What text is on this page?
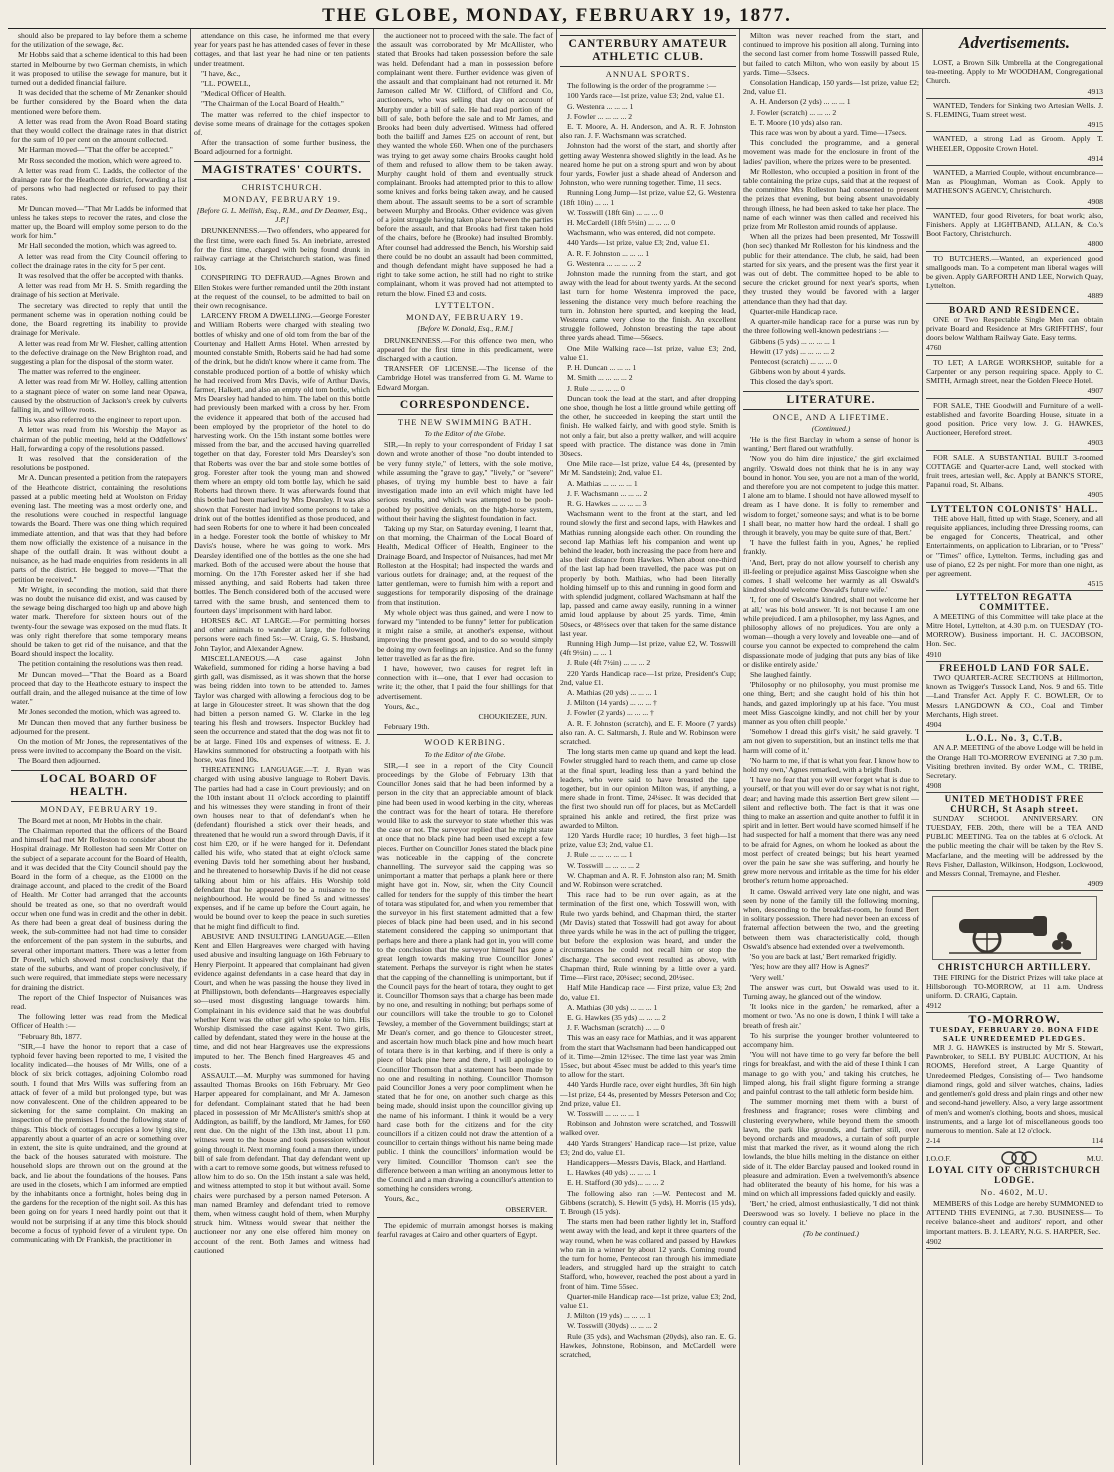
THE GLOBE, MONDAY, FEBRUARY 19, 1877.

should also be prepared to lay before them a scheme for the utilization of the sewage, &c.

Mr Hobbs said that a scheme identical to this had been started in Melbourne by two German chemists, in which it was proposed to utilise the sewage for manure, but it turned out a dedided financial failure.

It was decided that the scheme of Mr Zenanker should be further considered by the Board when the data mentioned were before them.

A letter was read from the Avon Road Board stating that they would collect the drainage rates in that district for the sum of 10 per cent on the amount collected.

Mr Harman moved—"That the offer be accepted."

Mr Ross seconded the motion, which were agreed to.

A letter was read from C. Ladds, the collector of the drainage rate for the Heathcote district, forwarding a list of persons who had neglected or refused to pay their rates.

Mr Duncan moved—"That Mr Ladds be informed that unless he takes steps to recover the rates, and close the matter up, the Board will employ some person to do the work for him."

Mr Hall seconded the motion, which was agreed to.

A letter was read from the City Council offering to collect the drainage rates in the city for 5 per cent.

It was resolved that the offer be accepted with thanks.

A letter was read from Mr H. S. Smith regarding the drainage of his section at Merivale.

The secretary was directed to reply that until the permanent scheme was in operation nothing could be done, the Board regretting its inability to provide drainage for Merivale.

A letter was read from Mr W. Flesher, calling attention to the defective drainage on the New Brighton road, and suggesting a plan for the disposal of the storm water.

The matter was referred to the engineer.

A letter was read from Mr W. Holley, calling attention to a stagnant piece of water on some land near Opawa, caused by the obstruction of Jackson's creek by culverts falling in, and willow roots.

This was also referred to the engineer to report upon.

A letter was read from his Worship the Mayor as chairman of the public meeting, held at the Oddfellows' Hall, forwarding a copy of the resolutions passed.

It was resolved that the consideration of the resolutions be postponed.

Mr A. Duncan presented a petition from the ratepayers of the Heathcote district, containing the resolutions passed at a public meeting held at Woolston on Friday evening last. The meeting was a most orderly one, and the resolutions were couched in respectful language towards the Board. There was one thing which required immediate attention, and that was that they had before them now officially the existence of a nuisance in the shape of the outfall drain. It was without doubt a nuisance, as he had made enquiries from residents in all parts of the district. He begged to move—"That the petition be received."

Mr Wright, in seconding the motion, said that there was no doubt the nuisance did exist, and was caused by the sewage being discharged too high up and above high water mark. Therefore for sixteen hours out of the twenty-four the sewage was exposed on the mud flats. It was only right therefore that some temporary means should be taken to get rid of the nuisance, and that the Board should inspect the locality.

The petition containing the resolutions was then read.

Mr Duncan moved—"That the Board as a Board proceed that day to the Heathcote estuary to inspect the outfall drain, and the alleged nuisance at the time of low water."

Mr Jones seconded the motion, which was agreed to.

Mr Duncan then moved that any further business be adjourned for the present.

On the motion of Mr Jones, the representatives of the press were invited to accompany the Board on the visit.

The Board then adjourned.

LOCAL BOARD OF HEALTH.
MONDAY, FEBRUARY 19.

The Board met at noon, Mr Hobbs in the chair.

The Chairman reported that the officers of the Board and himself had met Mr Rolleston to consider about the Hospital drainage. Mr Rolleston had seen Mr Cotter on the subject of a separate account for the Board of Health, and it was decided that the City Council should pay the Board in the form of a cheque, as the £1000 on the drainage account, and placed to the credit of the Board of Health. Mr Cotter had arranged that the accounts should be treated as one, so that no overdraft would occur when one fund was in credit and the other in debit. As there had been a great deal of business during the week, the sub-committee had not had time to consider the enforcement of the pan system in the suburbs, and several other important matters. There was a letter from Dr Powell, which showed most conclusively that the state of the suburbs, and want of proper conclusively, if such were required, that immediate steps were necessary for draining the district.

The report of the Chief Inspector of Nuisances was read.

The following letter was read from the Medical Officer of Health :—

"February 8th, 1877.

"SIR,—I have the honor to report that a case of typhoid fever having been reported to me, I visited the locality indicated—the houses of Mr Wills, one of a block of six brick cottages, adjoining Colombo road south. I found that Mrs Wills was suffering from an attack of fever of a mild but prolonged type, but was now convalescent. One of the children appeared to be sickening for the same complaint. On making an inspection of the premises I found the following state of things. This block of cottages occupies a low lying site, apparently about a quarter of an acre or something over in extent, the site is quite undrained, and the ground at the back of the houses saturated with moisture. The household slops are thrown out on the ground at the back, and lie about the foundations of the houses. Pans are used in the closets, which I am informed are emptied by the inhabitants once a fortnight, holes being dug in the gardens for the reception of the night soil. As this has been going on for years I need hardly point out that it would not be surprising if at any time this block should become a focus of typhoid fever of a virulent type. On communicating with Dr Frankish, the practitioner in

attendance on this case, he informed me that every year for years past he has attended cases of fever in these cottages, and that last year he had nine or ten patients under treatment.

"I have, &c.,

"LL. POWELL,

"Medical Officer of Health.

"The Chairman of the Local Board of Health."

The matter was referred to the chief inspector to devise some means of drainage for the cottages spoken of.

After the transaction of some further business, the Board adjourned for a fortnight.

MAGISTRATES' COURTS.
CHRISTCHURCH.
MONDAY, FEBRUARY 19.
[Before G. L. Mellish, Esq., R.M., and Dr Deamer, Esq., J.P.]

DRUNKENNESS.—Two offenders, who appeared for the first time, were each fined 5s. An inebriate, arrested for the first time, charged with being found drunk in railway carriage at the Christchurch station, was fined 10s.

CONSPIRING TO DEFRAUD.—Agnes Brown and Ellen Stokes were further remanded until the 20th instant at the request of the counsel, to be admitted to bail on their own recognisance.

LARCENY FROM A DWELLING.—George Forester and William Roberts were charged with stealing two bottles of whisky and one of old tom from the bar of the Courtenay and Hallett Arms Hotel. When arrested by mounted constable Smith, Roberts said he had had some of the drink, but he didn't know where it came from. The constable produced portion of a bottle of whisky which he had received from Mrs Davis, wife of Arthur Davis, farmer, Halkett, and also an empty old tom bottle, which Mrs Dearsley had handed to him. The label on this bottle had previously been marked with a cross by her. From the evidence it appeared that both of the accused had been employed by the proprietor of the hotel to do harvesting work. On the 15th instant some bottles were missed from the bar, and the accused having quarrelled together on that day, Forester told Mrs Dearsley's son that Roberts was over the bar and stole some bottles of grog. Forester after took the young man and showed them where an empty old tom bottle lay, which he said Roberts had thrown there. It was afterwards found that this bottle had been marked by Mrs Dearsley. It was also shown that Forester had invited some persons to take a drink out of the bottles identified as those produced, and had seen Roberts for one to where it had been concealed in a hedge. Forester took the bottle of whiskey to Mr Davis's house, where he was going to work. Mrs Dearsley identified one of the bottles as the one she had marked. Both of the accused were about the house that morning. On the 17th Forester asked her if she had missed anything, and said Roberts had taken three bottles. The Bench considered both of the accused were tarred with the same brush, and sentenced them to fourteen days' imprisonment with hard labor.

HORSES &C. AT LARGE.—For permitting horses and other animals to wander at large, the following persons were each fined 5s:—W. Craig, G. S. Husband, John Taylor, and Alexander Agnew.

MISCELLANEOUS.—A case against John Wakefield, summoned for riding a horse having a bad girth gall, was dismissed, as it was shown that the horse was being ridden into town to be attended to. James Taylor was charged with allowing a ferocious dog to be at large in Gloucester street. It was shown that the dog had bitten a person named G. W. Clarke in the leg tearing his flesh and trowsers. Inspector Buckley had seen the occurrence and stated that the dog was not fit to be at large. Fined 10s and expenses of witness. E. J. Hawkins summoned for obstructing a footpath with his horse, was fined 10s.

THREATENING LANGUAGE.—T. J. Ryan was charged with using abusive language to Robert Davis. The parties had had a case in Court previously; and on the 10th instant about 11 o'clock according to plaintiff and his witnesses they were standing in front of their own houses near to that of defendant's when he (defendant) flourished a stick over their heads, and threatened that he would run a sword through Davis, if it cost him £20, or if he were hanged for it. Defendant called his wife, who stated that at eight o'clock same evening Davis told her something about her husband, and he threatened to horsewhip Davis if he did not cease talking about him or his affairs. His Worship told defendant that he appeared to be a nuisance to the neighbourhood. He would be fined 5s and witnesses' expenses, and if he came up before the Court again, he would be bound over to keep the peace in such sureties that he might find difficult to find.

ABUSIVE AND INSULTING LANGUAGE.—Ellen Kent and Ellen Hargreaves were charged with having used abusive and insulting language on 16th February to Henry Pierpoint. It appeared that complainant had given evidence against defendants in a case heard that day in Court, and when he was passing the house they lived in at Phillipstown, both defendants—Hargreaves especially so—used most disgusting language towards him. Complainant in his evidence said that he was doubtful whether Kent was the other girl who spoke to him. His Worship dismissed the case against Kent. Two girls, called by defendant, stated they were in the house at the time, and did not hear Hargreaves use the expressions imputed to her. The Bench fined Hargreaves 45 and costs.

ASSAULT.—M. Murphy was summoned for having assaulted Thomas Brooks on 16th February. Mr Geo Harper appeared for complainant, and Mr A. Jameson for defendant. Complainant stated that he had been placed in possession of Mr McAllister's smith's shop at Addington, as bailiff, by the landlord, Mr James, for £60 rent due. On the night of the 13th inst, about 11 p.m. witness went to the house and took possession without going through it. Next morning found a man there, under bill of sale from defendant. That day defendant went up with a cart to remove some goods, but witness refused to allow him to do so. On the 15th instant a sale was held, and witness attempted to stop it but without avail. Some chairs were purchased by a person named Peterson. A man named Bramley and defendant tried to remove them, when witness caught hold of them, when Murphy struck him. Witness would swear that neither the auctioneer nor any one else offered him money on account of the rent. Both James and witness had cautioned

the auctioneer not to proceed with the sale. The fact of the assault was corroborated by Mr McAllister, who stated that Brooks had taken possession before the sale was held. Defendant had a man in possession before complainant went there. Further evidence was given of the assault and that complainant had not returned it. Mr Jameson called Mr W. Clifford, of Clifford and Co, auctioneers, who was selling that day on account of Murphy under a bill of sale. He had read portion of the bill of sale, both before the sale and to Mr James, and Brooks had been duly advertised. Witness had offered both the bailiff and James £25 on account of rent, but they wanted the whole £60. When one of the purchasers was trying to get away some chairs Brooks caught hold of them and refused to allow them to be taken away. Murphy caught hold of them and eventually struck complainant. Brooks had attempted prior to this to allow some knives and forks being taken away, and he caused them about. The assault seems to be a sort of scramble between Murphy and Brooks. Other evidence was given of a joint struggle having taken place between the parties before the assault, and that Brooks had first taken hold of the chairs, before he (Brooke) had insulted Brombly. After counsel had addressed the Bench, his Worship said there could be no doubt an assault had been committed, and though defendant might have supposed he had a right to take some action, he still had no right to strike complainant, whom it was proved had not attempted to return the blow. Fined £3 and costs.

LYTTELTON.
MONDAY, FEBRUARY 19.
[Before W. Donald, Esq., R.M.]

DRUNKENNESS.—For this offence two men, who appeared for the first time in this predicament, were discharged with a caution.

TRANSFER OF LICENSE.—The license of the Cambridge Hotel was transferred from G. M. Warne to Edward Morgan.

CORRESPONDENCE.
THE NEW SWIMMING BATH.
To the Editor of the Globe.

SIR,—In reply to your correspondent of Friday I sat down and wrote another of those "no doubt intended to be very funny style," of letters, with the sole motive, while assuming the "grave to gay," "lively," or "severe" phases, of trying my humble best to have a fair investigation made into an evil which might have led serious results, and which was attempted to be pooh-poohed by positive denials, on the high-horse system, without their having the slightest foundation in fact.

Taking up my Star, on Saturday evening, I learnt that, on that morning, the Chairman of the Local Board of Health, Medical Officer of Health, Engineer to the Drainage Board, and Inspector of Nuisances, had met Mr Rolleston at the Hospital; had inspected the wards and various outlets for drainage; and, at the request of the latter gentleman, were to furnish him with a report and suggestions for temporarily disposing of the drainage from that institution.

My whole object was thus gained, and were I now to forward my "intended to be funny" letter for publication it might raise a smile, at another's expense, without improving the present good, and to do so would simply be doing my own feelings an injustice. And so the funny letter travelled as far as the fire.

I have, however, two causes for regret left in connection with it—one, that I ever had occasion to write it; the other, that I paid the four shillings for that advertisement.

Yours, &c.,

CHOUKIEZEE, JUN.

February 19th.

WOOD KERBING.
To the Editor of the Globe.

SIR,—I see in a report of the City Council proceedings by the Globe of February 13th that Councillor Jones said that he had been informed by a person in the city that an appreciable amount of black pine had been used in wood kerbing in the city, whereas the contract was for the heart of totara. He therefore would like to ask the surveyor to state whether this was the case or not. The surveyor replied that he might state at once that no black pine had been used except a few pieces. Further on Councillor Jones stated the black pine was noticeable in the capping of the concrete channelling. The surveyor said the capping was so unimportant a matter that perhaps a plank here or there might have got in. Now, sir, when the City Council called for tenders for the supply of this timber the heart of totara was stipulated for, and when you remember that the surveyor in his first statement admitted that a few pieces of black pine had been used, and in his second statement considered the capping so unimportant that perhaps here and there a plank had got in, you will come to the conclusion that the surveyor himself has gone a great length towards making true Councillor Jones' statement. Perhaps the surveyor is right when he states that the capping of the channelling is unimportant, but if the Council pays for the heart of totara, they ought to get it. Councillor Thomson says that a charge has been made by no one, and resulting in nothing; but perhaps some of our councillors will take the trouble to go to Colonel Tewsley, a member of the Government buildings; start at Mr Dean's corner, and go thence to Gloucester street, and ascertain how much black pine and how much heart of totara there is in that kerbing, and if there is only a piece of black pine here and there, I will apologise to Councillor Thomson that a statement has been made by no one and resulting in nothing. Councillor Thomson paid Councillor Jones a very poor compliment when he stated that he for one, on another such charge as this being made, should insist upon the councillor giving up the name of his informant. I think it would be a very hard case both for the citizens and for the city councillors if a citizen could not draw the attention of a councillor to certain things without his name being made public. I think the councillors' information would be very limited. Councillor Thomson can't see the difference between a man writing an anonymous letter to the Council and a man drawing a councillor's attention to something he considers wrong.

Yours, &c.,

OBSERVER.

The epidemic of murrain amongst horses is making fearful ravages at Cairo and other quarters of Egypt.

CANTERBURY AMATEUR ATHLETIC CLUB.
ANNUAL SPORTS.

The following is the order of the programme :—

100 Yards race—1st prize, value £3; 2nd, value £1.

G. Westenra ... ... ... 1

J. Fowler ... ... ... ... 2

E. T. Moore, A. H. Anderson, and A. R. F. Johnston also ran. J. F. Wachsmann was scratched.

Johnston had the worst of the start, and shortly after getting away Westenra showed slightly in the lead. As he neared home he put on a strong spurt and won by about four yards, Fowler just a shade ahead of Anderson and Johnston, who were running together. Time, 11 secs.

Running Long Jump—1st prize, value £2, G. Westenra (18ft 10in) ... ... 1

W. Tosswill (18ft 6in) ... ... ... 0

H. McCardell (18ft 5½in) ... ... ... 0

Wachsmann, who was entered, did not compete.

440 Yards—1st prize, value £3; 2nd, value £1.

A. R. F. Johnston ... ... ... 1

G. Westenra ... ... ... ... 2

Johnston made the running from the start, and got away with the lead for about twenty yards. At the second last turn for home Westenra improved the pace, lessening the distance very much before reaching the turn in. Johnston here spurted, and keeping the lead, Westenra came very close to the finish. An excellent struggle followed, Johnston breasting the tape about three yards ahead. Time—56secs.

One Mile Walking race—1st prize, value £3; 2nd, value £1.

P. H. Duncan ... ... ... 1

M. Smith ... ... ... ... 2

J. Rule ... ... ... ... 0

Duncan took the lead at the start, and after dropping one shoe, though he lost a little ground while getting off the other, he succeeded in keeping the start until the finish. He walked fairly, and with good style. Smith is not only a fair, but also a pretty walker, and will acquire speed with practice. The distance was done in 7min 30secs.

One Mile race—1st prize, value £4 4s, (presented by Mr M. Sandstein); 2nd, value £1.

A. Mathias ... ... ... ... 1

J. F. Wachsmann ... ... ... 2

R. G. Hawkes ... ... ... ... 3

Wachsmann went to the front at the start, and led round slowly the first and second laps, with Hawkes and Mathias running alongside each other. On rounding the second lap Mathias left his companion and went up behind the leader, both increasing the pace from here and also their distance from Hawkes. When about one-third of the last lap had been travelled, the pace was put on properly by both. Mathias, who had been literally holding himself up to this and running in good form and with splendid judgment, collared Wachsmann at half the lap, passed and came away easily, running in a winner amid loud applause by about 25 yards. Time, 4min 50secs, or 48½secs over that taken for the same distance last year.

Running High Jump—1st prize, value £2, W. Tosswill (4ft 9½in) ... ... 1

J. Rule (4ft 7½in) ... ... ... 2

220 Yards Handicap race—1st prize, President's Cup; 2nd, value £1.

A. Mathias (20 yds) ... ... ... 1

J. Milton (14 yards) ... ... ... †

J. Fowler (2 yards) ... ... ... †

A. R. F. Johnston (scratch), and E. F. Moore (7 yards) also ran. A. C. Saltmarsh, J. Rule and W. Robinson were scratched.

The long starts men came up quand and kept the lead. Fowler struggled hard to reach them, and came up close at the final spurt, leading less than a yard behind the leaders, who were said to have breasted the tape together, but in our opinion Milton was, if anything, a mere shade in front. Time, 24¼sec. It was decided that the first two should run off for places, but as McCardell sprained his ankle and retired, the first prize was awarded to Milton.

120 Yards Hurdle race; 10 hurdles, 3 feet high—1st prize, value £3; 2nd, value £1.

J. Rule ... ... ... ... ... 1

W. Tosswill ... ... ... ... 2

W. Chapman and A. R. F. Johnston also ran; M. Smith and W. Robinson were scratched.

This race had to be run over again, as at the termination of the first one, which Tosswill won, with Rule two yards behind, and Chapman third, the starter (Mr Davis) stated that Tosswill had got away for about three yards while he was in the act of pulling the trigger, but before the explosion was heard, and under the circumstances he could not recall him or stop the discharge. The second event resulted as above, with Chapman third, Rule winning by a little over a yard. Time—First race, 20¼sec; second, 20½sec.

Half Mile Handicap race — First prize, value £3; 2nd do, value £1.

A. Mathias (30 yds) ... ... ... 1

E. G. Hawkes (35 yds) ... ... ... 2

J. F. Wachsman (scratch) ... ... 0

This was an easy race for Mathias, and it was apparent from the start that Wachsmann had been handicapped out of it. Time—2min 12½sec. The time last year was 2min 15sec, but about 45sec must be added to this year's time to allow for the start.

440 Yards Hurdle race, over eight hurdles, 3ft 6in high—1st prize, £4 4s, presented by Messrs Peterson and Co; 2nd prize, value £1.

W. Tosswill ... ... ... ... 1

Robinson and Johnston were scratched, and Tosswill walked over.

440 Yards Strangers' Handicap race—1st prize, value £3; 2nd do, value £1.

Handicappers—Messrs Davis, Black, and Hartland.

L. Hawkes (40 yds) ... ... ... 1

E. H. Stafford (30 yds)... ... ... 2

The following also ran :—W. Pentecost and M. Gibbens (scratch), S. Hewitt (5 yds), H. Morris (15 yds), T. Brough (15 yds).

The starts men had been rather lightly let in, Stafford went away with the lead, and kept it three quarters of the way round, when he was collared and passed by Hawkes who ran in a winner by about 12 yards. Coming round the turn for home, Pentecost ran through his immediate leaders, and struggled hard up the straight to catch Stafford, who, however, reached the post about a yard in front of him. Time 55sec.

Quarter-mile Handicap race—1st prize, value £3; 2nd, value £1.

J. Milton (19 yds) ... ... ... 1

W. Tosswill (30yds) ... ... ... 2

Rule (35 yds), and Wachsman (20yds), also ran. E. G. Hawkes, Johnstone, Robinson, and McCardell were scratched,

Milton was never reached from the start, and continued to improve his position all along. Turning into the second last corner from home Tosswill passed Rule, but failed to catch Milton, who won easily by about 15 yards. Time—53secs.

Consolation Handicap, 150 yards—1st prize, value £2; 2nd, value £1.

A. H. Anderson (2 yds) ... ... ... 1

J. Fowler (scratch) ... ... ... 2

E. T. Moore (10 yds) also ran.

This race was won by about a yard. Time—17secs.

This concluded the programme, and a general movement was made for the enclosure in front of the ladies' pavilion, where the prizes were to be presented.

Mr Rolleston, who occupied a position in front of the table containing the prize cups, said that at the request of the committee Mrs Rolleston had consented to present the prizes that evening, but being absent unavoidably through illness, he had been asked to take her place. The name of each winner was then called and received his prize from Mr Rolleston amid rounds of applause.

When all the prizes had been presented, Mr Tosswill (hon sec) thanked Mr Rolleston for his kindness and the public for their attendance. The club, he said, had been started for six years, and the present was the first year it was out of debt. The committee hoped to be able to secure the cricket ground for next year's sports, when they trusted they would be favored with a larger attendance than they had that day.

Quarter-mile Handicap race.

A quarter-mile handicap race for a purse was run by the three following well-known pedestrians :—

Gibbens (5 yds) ... ... ... ... 1

Hewitt (17 yds) ... ... ... ... 2

Pentecost (scratch) ... ... ... 0

Gibbens won by about 4 yards.

This closed the day's sport.

LITERATURE.
ONCE, AND A LIFETIME.
(Continued.)

'He is the first Barclay in whom a sense of honor is wanting,' Bert flared out wrathfully.

'Now you do him dire injustice,' the girl exclaimed angrily. 'Oswald does not think that he is in any way bound in honor. You see, you are not a man of the world, and therefore you are not competent to judge this matter. I alone am to blame. I should not have allowed myself to dream as I have done. It is folly to remember and wisdom to forget,' someone says; and what is to be borne I shall bear, no matter how hard the ordeal. I shall go through it bravely, you may be quite sure of that, Bert.'

'I have the fullest faith in you, Agnes,' he replied frankly.

'And, Bert, pray do not allow yourself to cherish any ill-feeling or prejudice against Miss Gascoigne when she comes. I shall welcome her warmly as all Oswald's kindred should welcome Oswald's future wife.'

'I, for one of Oswald's kindred, shall not welcome her at all,' was his bold answer. 'It is not because I am one while prejudiced. I am a philosopher, my lass Agnes, and philosophy allows of no prejudices. You are only a woman—though a very lovely and loveable one—and of course you cannot be expected to comprehend the calm dispassionate mode of judging that puts any bias of like or dislike entirely aside.'

She laughed faintly.

'Philosophy or no philosophy, you must promise me one thing, Bert; and she caught hold of his thin hot hands, and gazed imploringly up at his face. 'You must meet Miss Gascoigne kindly, and not chill her by your manner as you often chill people.'

'Somehow I dread this girl's visit,' he said gravely. 'I am not given to superstition, but an instinct tells me that harm will come of it.'

'No harm to me, if that is what you fear. I know how to hold my own,' Agnes remarked, with a bright flush.

'I have no fear that you will ever forget what is due to yourself, or that you will ever do or say what is not right, dear; and having made this assertion Bert grew silent —silent and reflective both. The fact is that it was one thing to make an assertion and quite another to fulfil it in spirit and in letter. Bert would have scorned himself if he had suspected for half a moment that there was any need to be afraid for Agnes, on whom he looked as about the most perfect of created beings; but his heart yearned over the pain he saw she was suffering, and hourly he grew more nervous and irritable as the time for his elder brother's return home approached.

It came. Oswald arrived very late one night, and was seen by none of the family till the following morning, when, descending to the breakfast-room, he found Bert in solitary possession. There had never been an excess of fraternal affection between the two, and the greeting between them was characteristically cold, though Oswald's absence had extended over a twelvemonth.

'So you are back at last,' Bert remarked frigidly.

'Yes; how are they all? How is Agnes?'

'Very well.'

The answer was curt, but Oswald was used to it. Turning away, he glanced out of the window.

'It looks nice in the garden,' he remarked, after a moment or two. 'As no one is down, I think I will take a breath of fresh air.'

To his surprise the younger brother volunteered to accompany him.

'You will not have time to go very far before the bell rings for breakfast, and with the aid of these I think I can manage to go with you,' and taking his crutches, he limped along, his frail slight figure forming a strange and painful contrast to the tall athletic form beside him.

The summer morning met them with a burst of freshness and fragrance; roses were climbing and clustering everywhere, while beyond them the smooth lawn, the park like grounds, and farther still, over beyond orchards and meadows, a curtain of soft purple mist that marked the river, as it wound along the rich lowlands, the blue hills melting in the distance on either side of it. The elder Barclay paused and looked round in pleasure and admiration. Even a twelvemonth's absence had obliterated the beauty of his home, for his was a mind on which all impressions faded quickly and easily.

'Bert,' he cried, almost enthusiastically, 'I did not think Deerswood was so lovely. I believe no place in the country can equal it.'

(To be continued.)
Advertisements.

LOST, a Brown Silk Umbrella at the Congregational tea-meeting. Apply to Mr WOODHAM, Congregational Church.

4913

WANTED, Tenders for Sinking two Artesian Wells. J. S. FLEMING, Tuam street west.

4915

WANTED, a strong Lad as Groom. Apply T. WHEELER, Opposite Crown Hotel.

4914

WANTED, a Married Couple, without encumbrance—Man as Ploughman, Woman as Cook. Apply to MATHESON'S AGENCY, Christchurch.

4908

WANTED, four good Riveters, for boat work; also, Finishers. Apply at LIGHTBAND, ALLAN, & Co.'s Boot Factory, Christchurch.

4800

TO BUTCHERS.—Wanted, an experienced good smallgoods man. To a competent man liberal wages will be given. Apply GARFORTH AND LEE, Norwich Quay, Lyttelton.

4889
BOARD AND RESIDENCE.

ONE or Two Respectable Single Men can obtain private Board and Residence at Mrs GRIFFITHS', four doors below Waltham Railway Gate. Easy terms.

4760

TO LET; A LARGE WORKSHOP, suitable for a Carpenter or any person requiring space. Apply to C. SMITH, Armagh street, near the Golden Fleece Hotel.

4907

FOR SALE, THE Goodwill and Furniture of a well-established and favorite Boarding House, situate in a good position. Price very low. J. G. HAWKES, Auctioneer, Hereford street.

4903

FOR SALE. A SUBSTANTIAL BUILT 3-roomed COTTAGE and Quarter-acre Land, well stocked with fruit trees, artesian well, &c. Apply at BANK'S STORE, Papanui road, St. Albans.

4905
LYTTELTON COLONISTS' HALL.

THE above Hall, fitted up with Stage, Scenery, and all requisite appliances, including three Dressing rooms, can be engaged for Concerts, Theatrical, and other Entertainments, on application to Librarian, or to "Press" or "Times" office, Lyttelton. Terms, including gas and use of piano, £2 2s per night. For more than one night, as per agreement.

4515
LYTTELTON REGATTA COMMITTEE.

A MEETING of this Committee will take place at the Mitre Hotel, Lyttelton, at 4.30 p.m. on TUESDAY (TO-MORROW). Business important. H. C. JACOBSON, Hon. Sec.

4910
FREEHOLD LAND FOR SALE.

TWO QUARTER-ACRE SECTIONS at Hillmorton, known as Twigger's Tussock Land, Nos. 9 and 65. Title—Land Transfer Act. Apply F. C. BOWLER, Or to Messrs LANGDOWN & CO., Coal and Timber Merchants, High street.

4904
L.O.L. No. 3, C.T.B.

AN A.P. MEETING of the above Lodge will be held in the Orange Hall TO-MORROW EVENING at 7.30 p.m. Visiting brethren invited. By order W.M., C. TRIBE, Secretary.

4908
UNITED METHODIST FREE CHURCH, St Asaph street.

SUNDAY SCHOOL ANNIVERSARY. ON TUESDAY, FEB. 20th, there will be a TEA AND PUBLIC MEETING. Tea on the tables at 6 o'clock. At the public meeting the chair will be taken by the Rev S. Macfarlane, and the meeting will be addressed by the Revs Fisher, Dallaston, Wilkinson, Hodgson, Lockwood, and Messrs Connal, Tremayne, and Flesher.

4909
CHRISTCHURCH ARTILLERY.

THE FIRING for the District Prizes will take place at Hillsborough TO-MORROW, at 11 a.m. Undress uniform. D. CRAIG, Captain.

4912
TO-MORROW.
TUESDAY, FEBRUARY 20. BONA FIDE SALE UNREDEEMED PLEDGES.

MR J. G. HAWKES is instructed by Mr S. Stewart, Pawnbroker, to SELL BY PUBLIC AUCTION, At his ROOMS, Hereford street, A Large Quantity of Unredeemed Pledges, Consisting of— Two handsome diamond rings, gold and silver watches, chains, ladies and gentlemen's gold dress and plain rings and other new and second-hand jewellery. Also, a very large assortment of men's and women's clothing, boots and shoes, musical instruments, and a large lot of miscellaneous goods too numerous to mention. Sale at 12 o'clock.

2-14	114
I.O.O.F.	M.U.
LOYAL CITY OF CHRISTCHURCH LODGE.
No. 4602, M.U.

MEMBERS of this Lodge are hereby SUMMONED to ATTEND THIS EVENING, at 7.30. BUSINESS— To receive balance-sheet and auditors' report, and other important matters. B. J. LEARY, N.G. S. HARPER, Sec.

4902
